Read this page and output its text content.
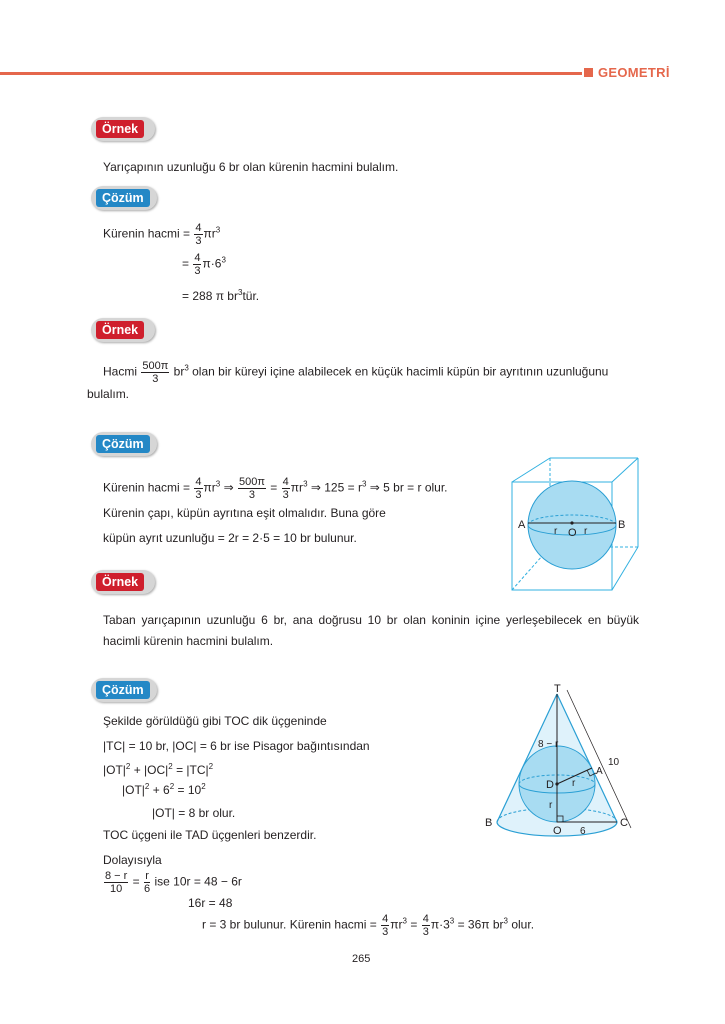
GEOMETRİ
Örnek
Yarıçapının uzunluğu 6 br olan kürenin hacmini bulalım.
Çözüm
Kürenin hacmi = $\frac{4}{3} \pi r^3$
= $\frac{4}{3} \pi\cdot 6^3$
= 288 π $br^3tür$.
Örnek
Hacmi $\frac{500\pi}{3} br^3$ olan bir küreyi içine alabilecek en küçük hacimli küpün bir ayrıtının uzunluğunu
bulalım.
Çözüm
Kürenin hacmi = $\frac{4}{3} \pi r^3$ ⇒ $\frac{500\pi}{3} = \frac{4}{3} \pi r^3$ ⇒ $125 = r^3$ ⇒ 5 br = r olur.
Kürenin çapı, küpün ayrıtına eşit olmalıdır. Buna göre
küpün ayrıt uzunluğu = 2r = 2·5 = 10 br bulunur.
A	B
O
r	r
Örnek
Taban yarıçapının uzunluğu 6 br, ana doğrusu 10 br olan koninin içine yerleşebilecek en büyük hacimli kürenin hacmini bulalım.
Çözüm
Şekilde görüldüğü gibi TOC dik üçgeninde
|TC| = 10 br, |OC| = 6 br ise Pisagor bağıntısından
$|OT|^2 + |OC|^2 = |TC|^2$
$|OT|^2 + 6^2 = 10^2$
|OT| = 8 br olur.
TOC üçgeni ile TAD üçgenleri benzerdir.
Dolayısıyla
$\frac{8 - r}{10} = \frac{r}{6}$ ise 10r = 48 − 6r
16r = 48
r = 3 br bulunur. Kürenin hacmi = $\frac{4}{3} \pi r^3 = \frac{4}{3} \pi\cdot 3^3 = 36\pi$ $br^3$ olur.
T
B	C
O
D
A
8 − r
10
6
r
r
265
